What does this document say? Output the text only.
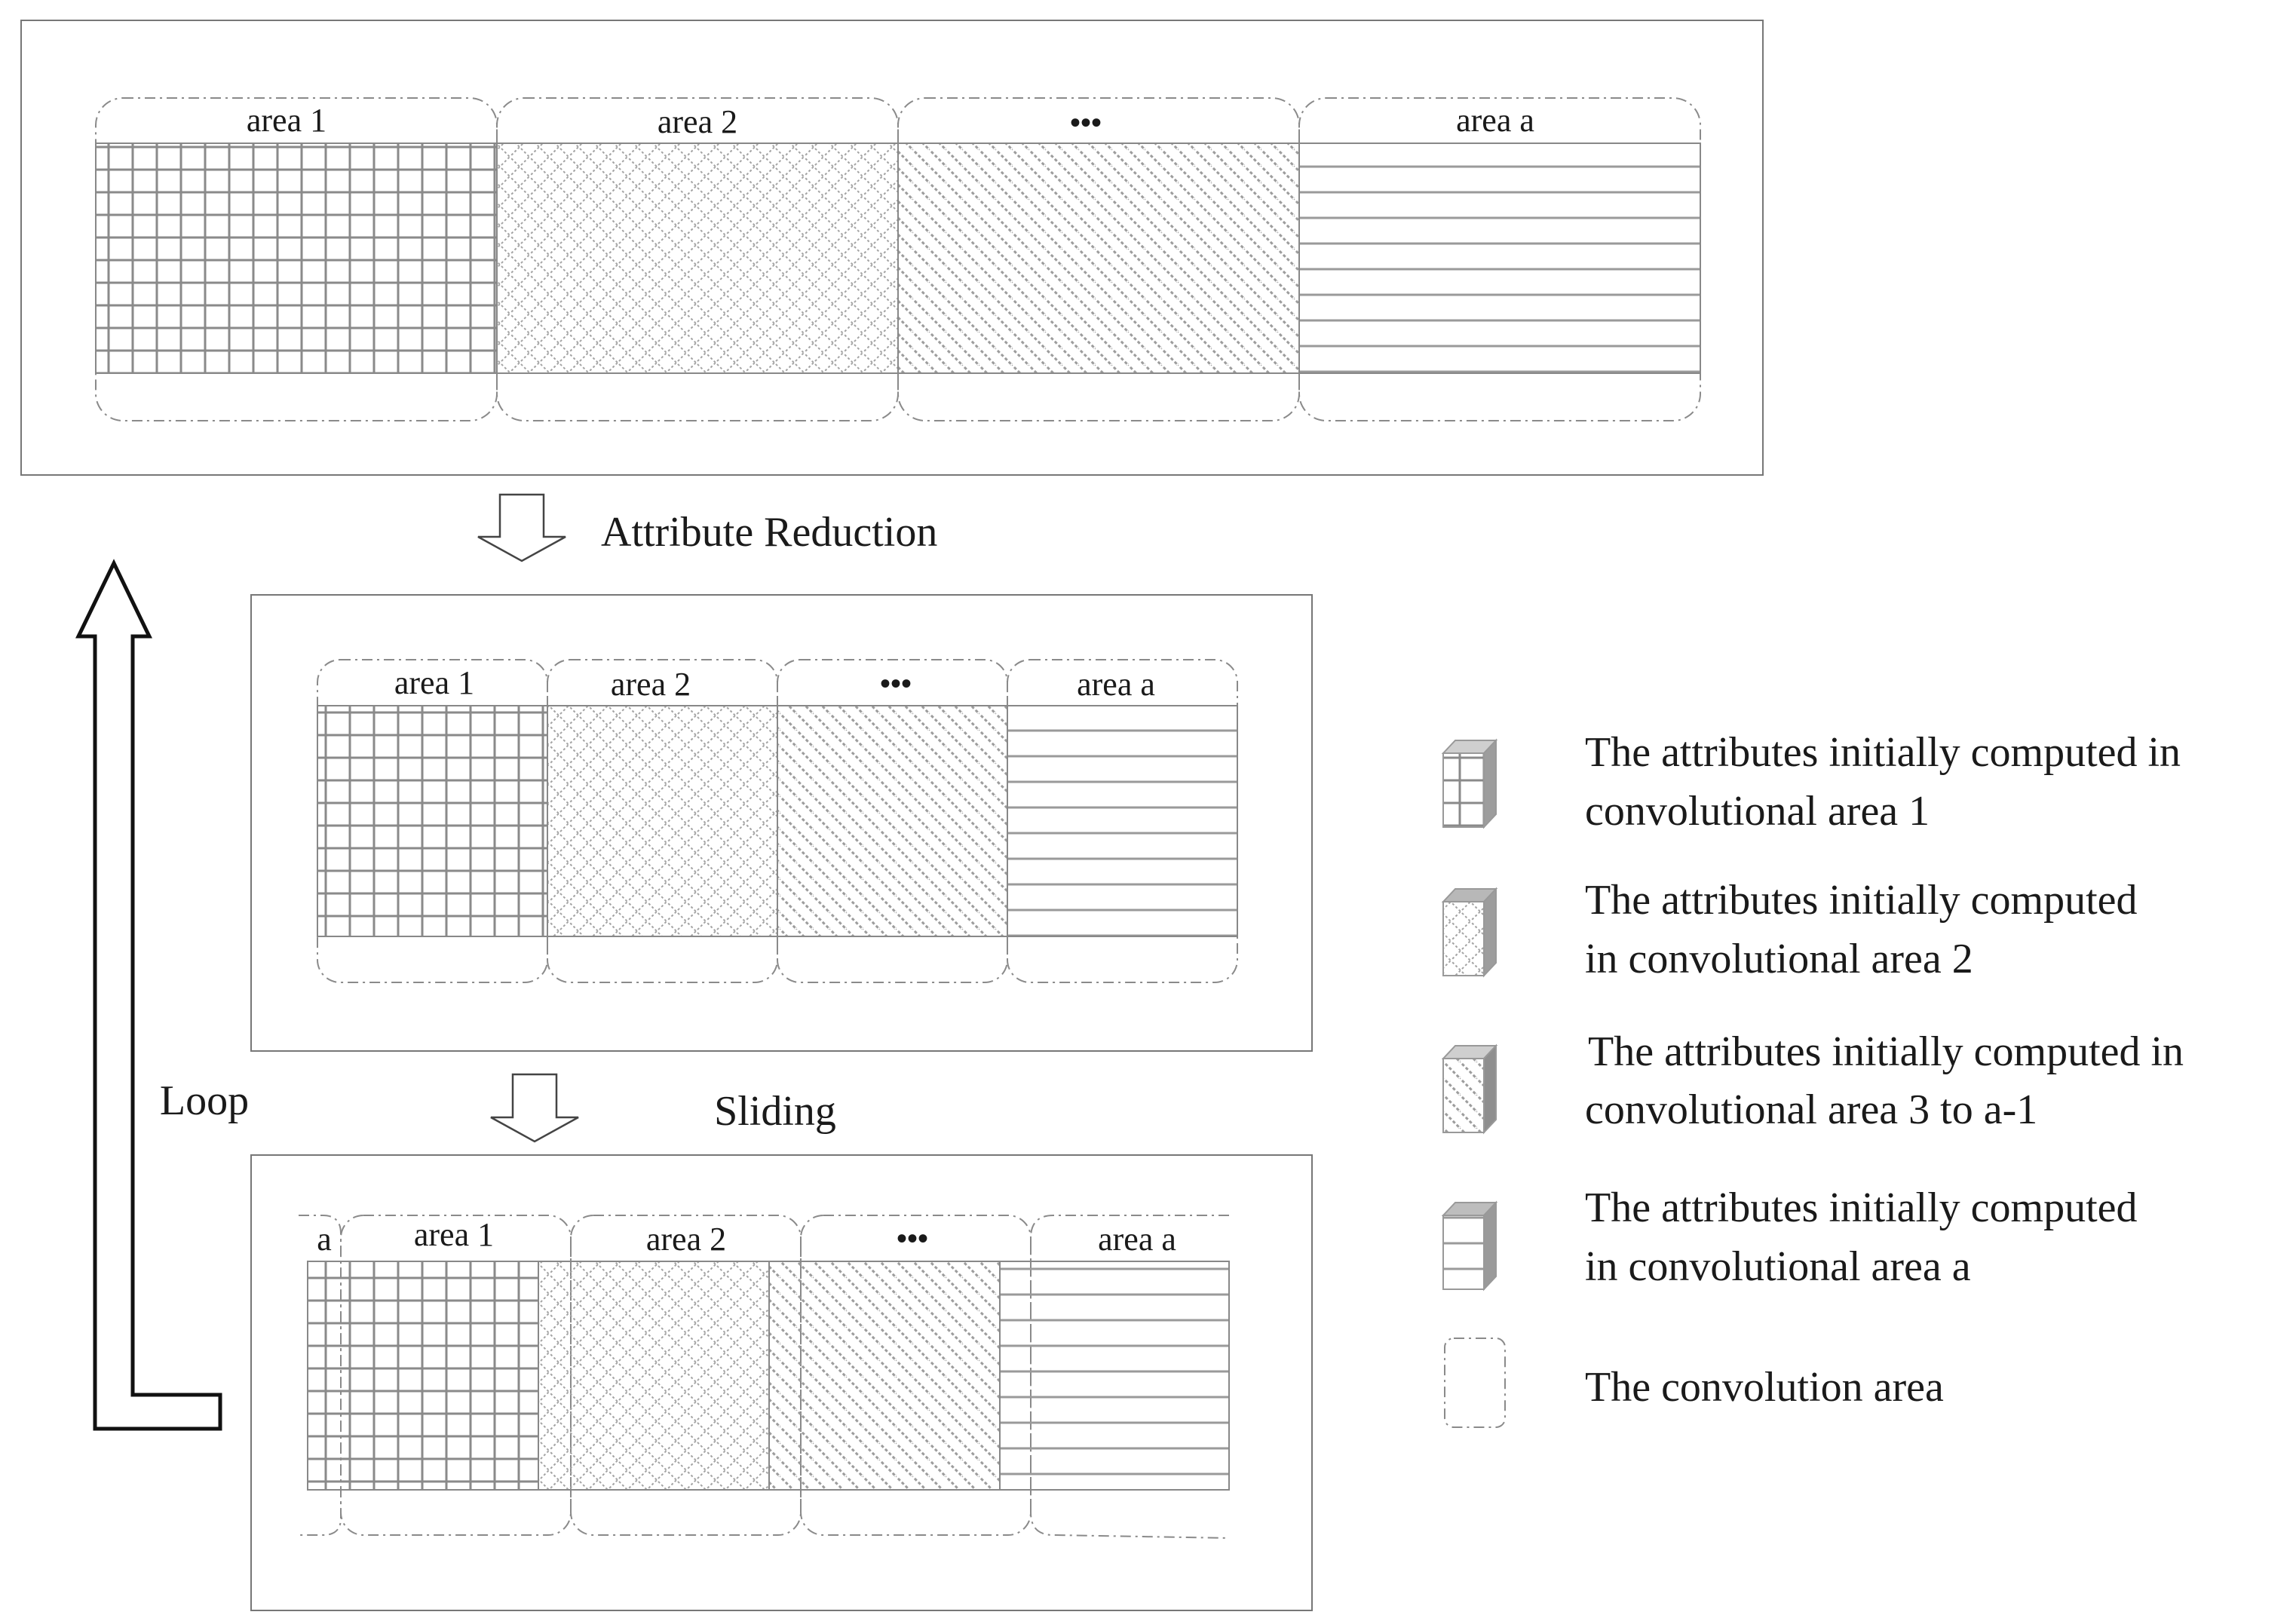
area 1	area 2	•••	area a
Attribute Reduction
area 1	area 2	•••	area a
Sliding
a area 1	area 2	•••	area a
Loop
The attributes initially computed in
convolutional area 1
The attributes initially computed
in convolutional area 2
The attributes initially computed in
convolutional area 3 to a-1
The attributes initially computed
in convolutional area a
The convolution area
